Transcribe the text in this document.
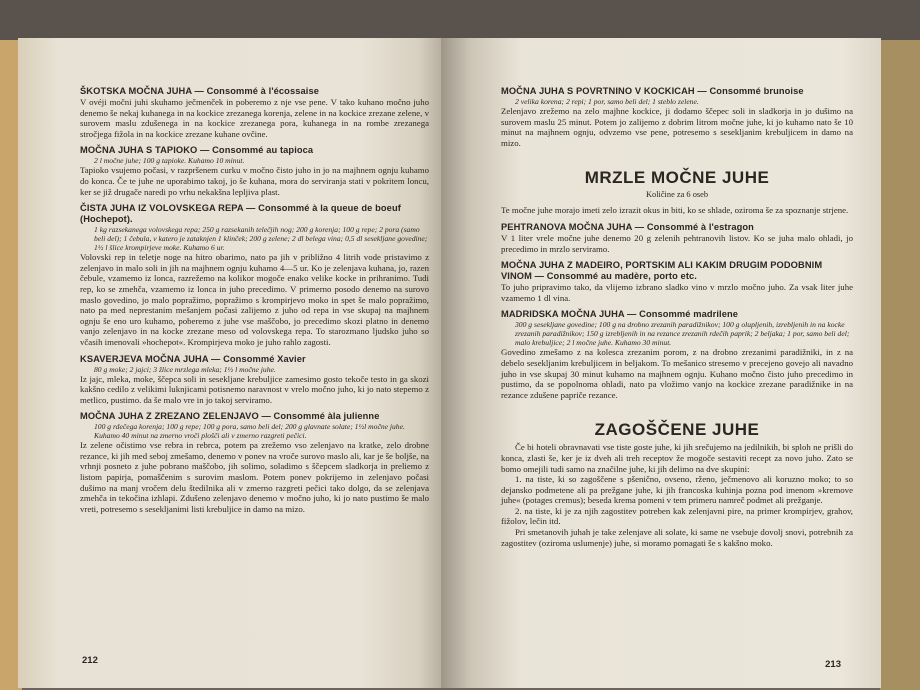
ŠKOTSKA MOČNA JUHA — Consommé à l'écossaise
V ovéji močni juhi skuhamo ječmenček in poberemo z nje vse pene. V tako kuhano močno juho denemo še nekaj kuhanega in na kockice zrezanega korenja, zelene in na kockice zrezane zelene, v surovem maslu zdušenega in na kockice zrezanega pora, kuhanega in na rombe zrezanega stročjega fižola in na kockice zrezane kuhane ovčine.
MOČNA JUHA S TAPIOKO — Consommé au tapioca
2 l močne juhe; 100 g tapioke. Kuhamo 10 minut.
Tapioko vsujemo počasi, v razpršenem curku v močno čisto juho in jo na majhnem ognju kuhamo do konca. Če te juhe ne uporabimo takoj, jo še kuhana, mora do serviranja stati v pokritem loncu, ker se již drugače naredi po vrhu nekakšna lepljiva plast.
ČISTA JUHA IZ VOLOVSKEGA REPA — Consommé à la queue de boeuf (Hochepot).
1 kg razsekanega volovskega repa; 250 g razsekanih telečjih nog; 200 g korenja; 100 g repe; 2 pora (samo beli del); 1 čebula, v katero je zataknjen 1 klinček; 200 g zelene; 2 dl belega vina; 0,5 dl sesekljane govedine; 1½ l šlice krompirjeve moke. Kuhamo 6 ur.
Volovski rep in teletje noge na hitro obarimo, nato pa jih v približno 4 litrih vode pristavimo z zelenjavo in malo soli in jih na majhnem ognju kuhamo 4—5 ur. Ko je zelenjava kuhana, jo, razen čebule, vzamemo iz lonca, razrežemo na kolikor mogoče enako velike kocke in prihranimo. Tudi rep, ko se zmehča, vzamemo iz lonca in juho precedimo. V primerno posodo denemo na surovo maslo govedino, jo malo popražimo, popražimo s krompirjevo moko in spet še malo popražimo, nato pa med neprestanim mešanjem počasi zalijemo z juho od repa in vse skupaj na majhnem ognju še eno uro kuhamo, poberemo z juhe vse maščobo, jo precedimo skozi platno in denemo vanjo zelenjavo in na kocke zrezane meso od volovskega repa. To starozmano ljudsko juho so včasih imenovali »hochepot«. Krompirjeva moko je juho rahlo zagosti.
KSAVERJEVA MOČNA JUHA — Consommé Xavier
80 g moke; 2 jajci; 3 žlice mrzlega mleka; 1½ l močne juhe.
Iz jajc, mleka, moke, ščepca soli in sesekljane krebuljice zamesimo gosto tekoče testo in ga skozi kakšno cedilo z velikimi luknjicami potisnemo naravnost v vrelo močno juho, ki jo nato stepemo z metlico, pustimo. da še malo vre in jo takoj serviramo.
MOČNA JUHA Z ZREZANO ZELENJAVO — Consommé àla julienne
100 g rdečega korenja; 100 g repe; 100 g pora, samo beli del; 200 g glavnate solate; 1½l močne juhe. Kuhamo 40 minut na zmerno vroči plošči ali v zmerno razgreti pečici.
Iz zelene očistimo vse rebra in rebrca, potem pa zrežemo vso zelenjavo na kratke, zelo drobne rezance, ki jih med seboj zmešamo, denemo v ponev na vroče surovo maslo ali, kar je še boljše, na vrhnji posneto z juhe pobrano maščobo, jih solimo, soladimo s ščepcem sladkorja in preliemo z listom papirja, pomaščenim s surovim maslom. Potem ponev pokrijemo in zelenjavo počasi dušimo na manj vročem delu štedilnika ali v zmerno razgreti pečici tako dolgo, da se zelenjava zmehča in tekočina izhlapi. Zdušeno zelenjavo denemo v močno juho, ki jo nato pustimo še malo vreti, potresemo s sesekljanimi listi krebuljice in damo na mizo.
212
MOČNA JUHA S POVRTNINO V KOCKICAH — Consommé brunoise
2 velika korena; 2 repi; 1 por, samo beli del; 1 steblo zelene.
Zelenjavo zrežemo na zelo majhne kockice, ji dodamo ščepec soli in sladkorja in jo dušimo na surovem maslu 25 minut. Potem jo zalijemo z dobrim litrom močne juhe, ki jo kuhamo nato še 10 minut na majhnem ognju, odvzemo vse pene, potresemo s sesekljanim krebuljicem in damo na mizo.
MRZLE MOČNE JUHE
Količine za 6 oseb
Te močne juhe morajo imeti zelo izrazit okus in biti, ko se shlade, oziroma še za spoznanje strjene.
PEHTRANOVA MOČNA JUHA — Consommé à l'estragon
V 1 liter vrele močne juhe denemo 20 g zelenih pehtranovih listov. Ko se juha malo ohladi, jo precedimo in mrzlo serviramo.
MOČNA JUHA Z MADEIRO, PORTSKIM ALI KAKIM DRUGIM PODOBNIM VINOM — Consommé au madère, porto etc.
To juho pripravimo tako, da vlijemo izbrano sladko vino v mrzlo močno juho. Za vsak liter juhe vzamemo 1 dl vina.
MADRIDSKA MOČNA JUHA — Consommé madrilene
300 g sesekljane govedine; 100 g na drobno zrezanih paradižnikov; 100 g olupljenih, izrebljenih in na kocke zrezanih paradižnikov; 150 g izrebljenih in na rezance zrezanih rdečih paprik; 2 beljaka; 1 por, samo beli del; malo krebuljice; 2 l močne juhe. Kuhamo 30 minut.
Govedino zmešamo z na kolesca zrezanim porom, z na drobno zrezanimi paradižniki, in z na debelo sesekljanim krebuljicem in beljakom. To mešanico stresemo v precejeno govejo ali navadno juho in vse skupaj 30 minut kuhamo na majhnem ognju. Kuhano močno čisto juho precedimo in pustimo, da se popolnoma ohladi, nato pa vložimo vanjo na kockice zrezane paradižnike in na rezance zdušene papriče rezance.
ZAGOŠČENE JUHE
Če bi hoteli obravnavati vse tiste goste juhe, ki jih srečujemo na jedilnikih, bi sploh ne prišli do konca, zlasti še, ker je iz dveh ali treh receptov že mogoče sestaviti recept za novo juho. Zato se bomo omejili tudi samo na značilne juhe, ki jih delimo na dve skupini:
1. na tiste, ki so zagoščene s pšenično, ovseno, rženo, ječmenovo ali koruzno moko; to so dejansko podmetene ali pa prežgane juhe, ki jih francoska kuhinja pozna pod imenom »kremove juhe« (potages cremus); beseda krema pomeni v tem primeru namreč podmet ali prežganje.
2. na tiste, ki je za njih zagostitev potreben kak zelenjavni pire, na primer krompirjev, grahov, fižolov, lečin itd.
Pri smetanovih juhah je take zelenjave ali solate, ki same ne vsebuje dovolj snovi, potrebnih za zagostitev (oziroma uslumenje) juhe, si moramo pomagati še s kakšno moko.
213
